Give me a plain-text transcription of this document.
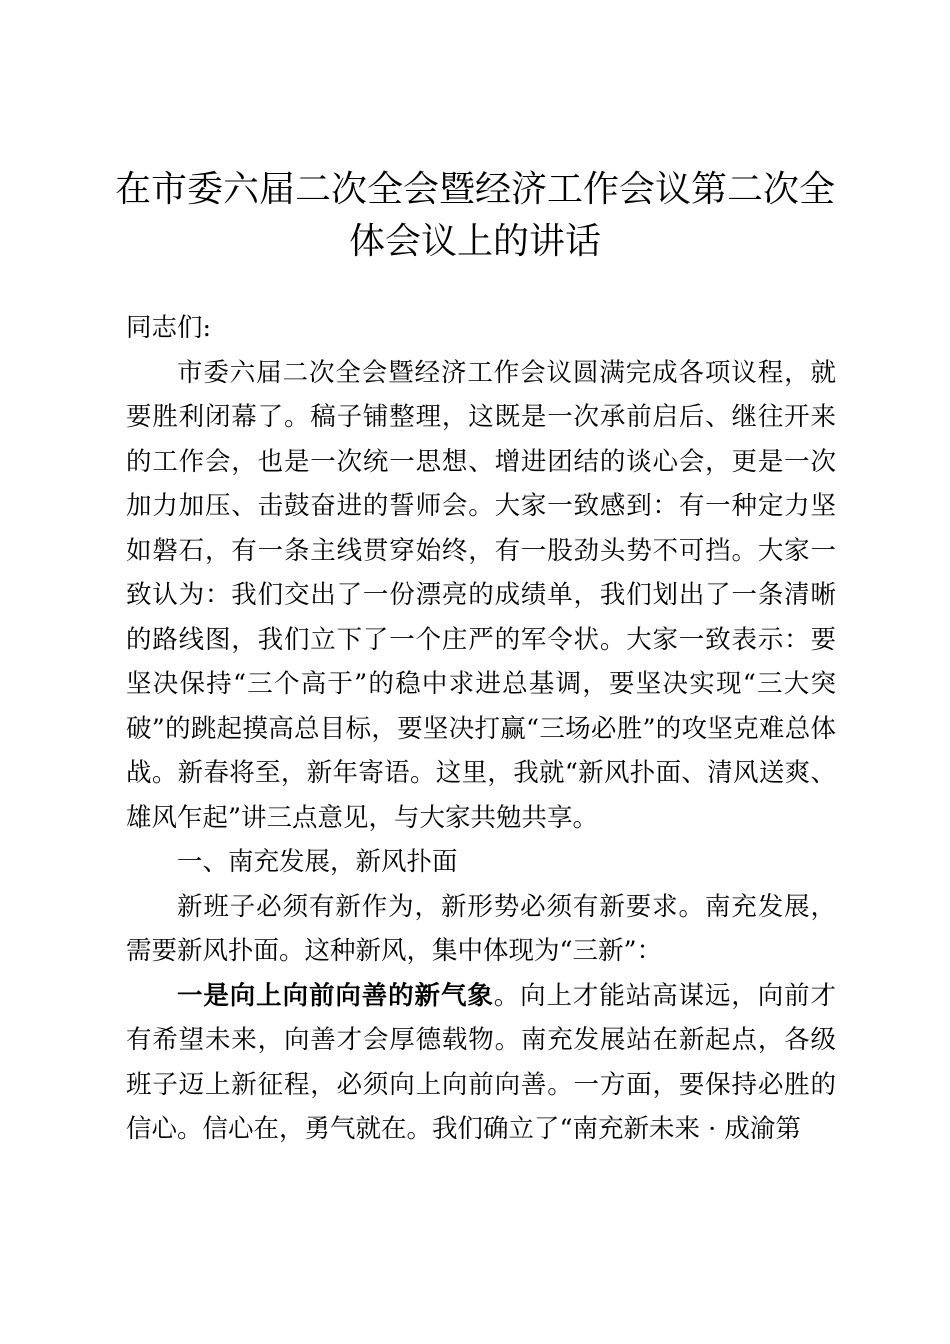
在市委六届二次全会暨经济工作会议第二次全体会议上的讲话

同志们:

市委六届二次全会暨经济工作会议圆满完成各项议程，就要胜利闭幕了。稿子铺整理，这既是一次承前启后、继往开来的工作会，也是一次统一思想、增进团结的谈心会，更是一次加力加压、击鼓奋进的誓师会。大家一致感到：有一种定力坚如磐石，有一条主线贯穿始终，有一股劲头势不可挡。大家一致认为：我们交出了一份漂亮的成绩单，我们划出了一条清晰的路线图，我们立下了一个庄严的军令状。大家一致表示：要坚决保持“三个高于”的稳中求进总基调，要坚决实现“三大突破”的跳起摸高总目标，要坚决打赢“三场必胜”的攻坚克难总体战。新春将至，新年寄语。这里，我就“新风扑面、清风送爽、雄风乍起”讲三点意见，与大家共勉共享。

一、南充发展，新风扑面

新班子必须有新作为，新形势必须有新要求。南充发展，需要新风扑面。这种新风，集中体现为“三新”：

一是向上向前向善的新气象。向上才能站高谋远，向前才有希望未来，向善才会厚德载物。南充发展站在新起点，各级班子迈上新征程，必须向上向前向善。一方面，要保持必胜的信心。信心在，勇气就在。我们确立了“南充新未来 · 成渝第
